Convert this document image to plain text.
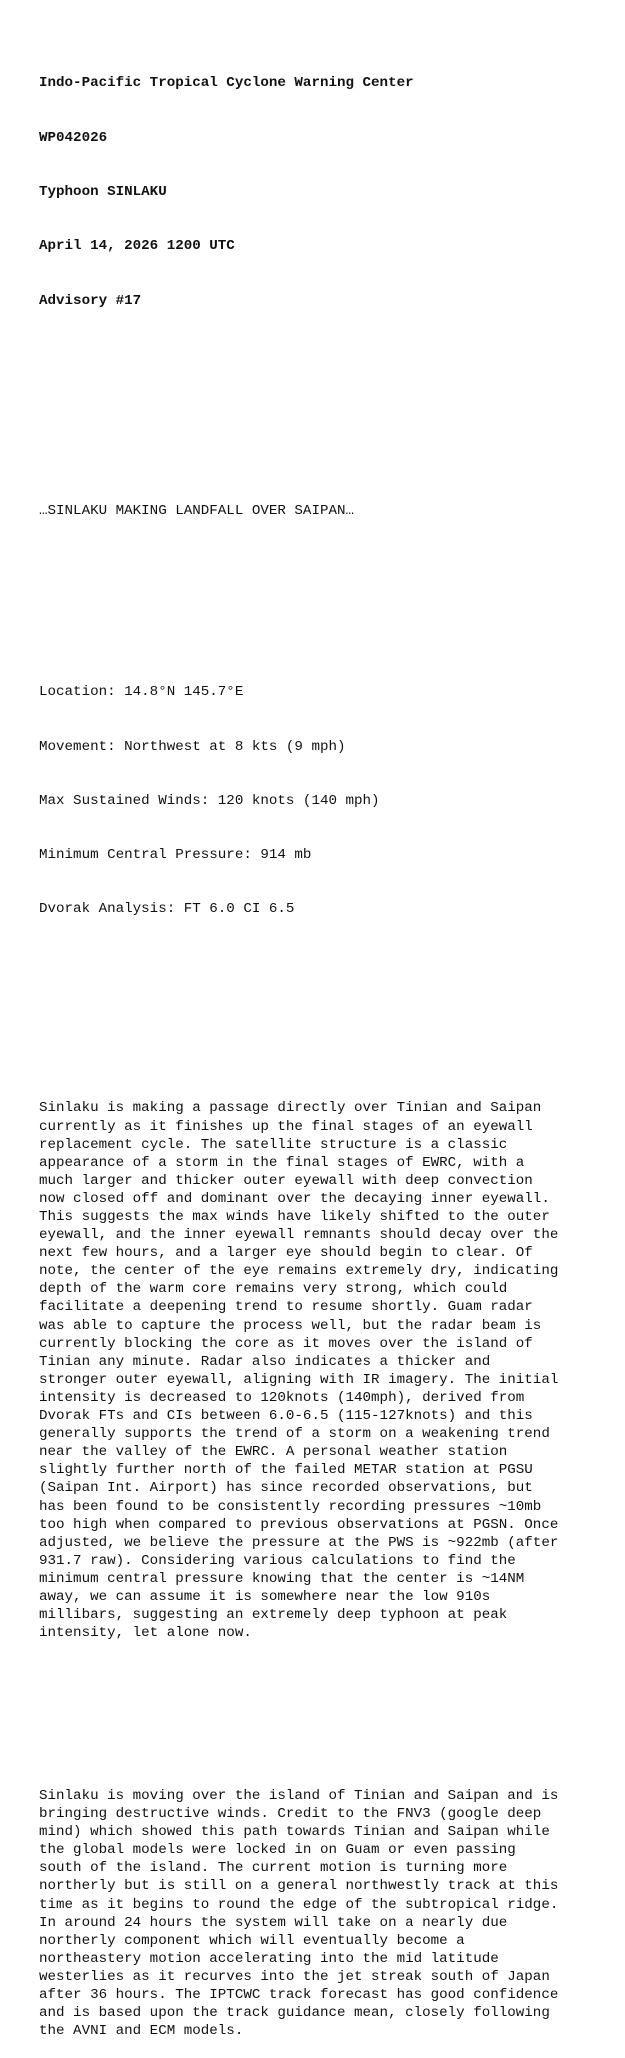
Indo-Pacific Tropical Cyclone Warning Center

WP042026

Typhoon SINLAKU

April 14, 2026 1200 UTC

Advisory #17

…SINLAKU MAKING LANDFALL OVER SAIPAN…

Location: 14.8°N 145.7°E

Movement: Northwest at 8 kts (9 mph)

Max Sustained Winds: 120 knots (140 mph)

Minimum Central Pressure: 914 mb

Dvorak Analysis: FT 6.0 CI 6.5

Sinlaku is making a passage directly over Tinian and Saipan
currently as it finishes up the final stages of an eyewall
replacement cycle. The satellite structure is a classic
appearance of a storm in the final stages of EWRC, with a
much larger and thicker outer eyewall with deep convection
now closed off and dominant over the decaying inner eyewall.
This suggests the max winds have likely shifted to the outer
eyewall, and the inner eyewall remnants should decay over the
next few hours, and a larger eye should begin to clear. Of
note, the center of the eye remains extremely dry, indicating
depth of the warm core remains very strong, which could
facilitate a deepening trend to resume shortly. Guam radar
was able to capture the process well, but the radar beam is
currently blocking the core as it moves over the island of
Tinian any minute. Radar also indicates a thicker and
stronger outer eyewall, aligning with IR imagery. The initial
intensity is decreased to 120knots (140mph), derived from
Dvorak FTs and CIs between 6.0-6.5 (115-127knots) and this
generally supports the trend of a storm on a weakening trend
near the valley of the EWRC. A personal weather station
slightly further north of the failed METAR station at PGSU
(Saipan Int. Airport) has since recorded observations, but
has been found to be consistently recording pressures ~10mb
too high when compared to previous observations at PGSN. Once
adjusted, we believe the pressure at the PWS is ~922mb (after
931.7 raw). Considering various calculations to find the
minimum central pressure knowing that the center is ~14NM
away, we can assume it is somewhere near the low 910s
millibars, suggesting an extremely deep typhoon at peak
intensity, let alone now.

Sinlaku is moving over the island of Tinian and Saipan and is
bringing destructive winds. Credit to the FNV3 (google deep
mind) which showed this path towards Tinian and Saipan while
the global models were locked in on Guam or even passing
south of the island. The current motion is turning more
northerly but is still on a general northwestly track at this
time as it begins to round the edge of the subtropical ridge.
In around 24 hours the system will take on a nearly due
northerly component which will eventually become a
northeastery motion accelerating into the mid latitude
westerlies as it recurves into the jet streak south of Japan
after 36 hours. The IPTCWC track forecast has good confidence
and is based upon the track guidance mean, closely following
the AVNI and ECM models.
